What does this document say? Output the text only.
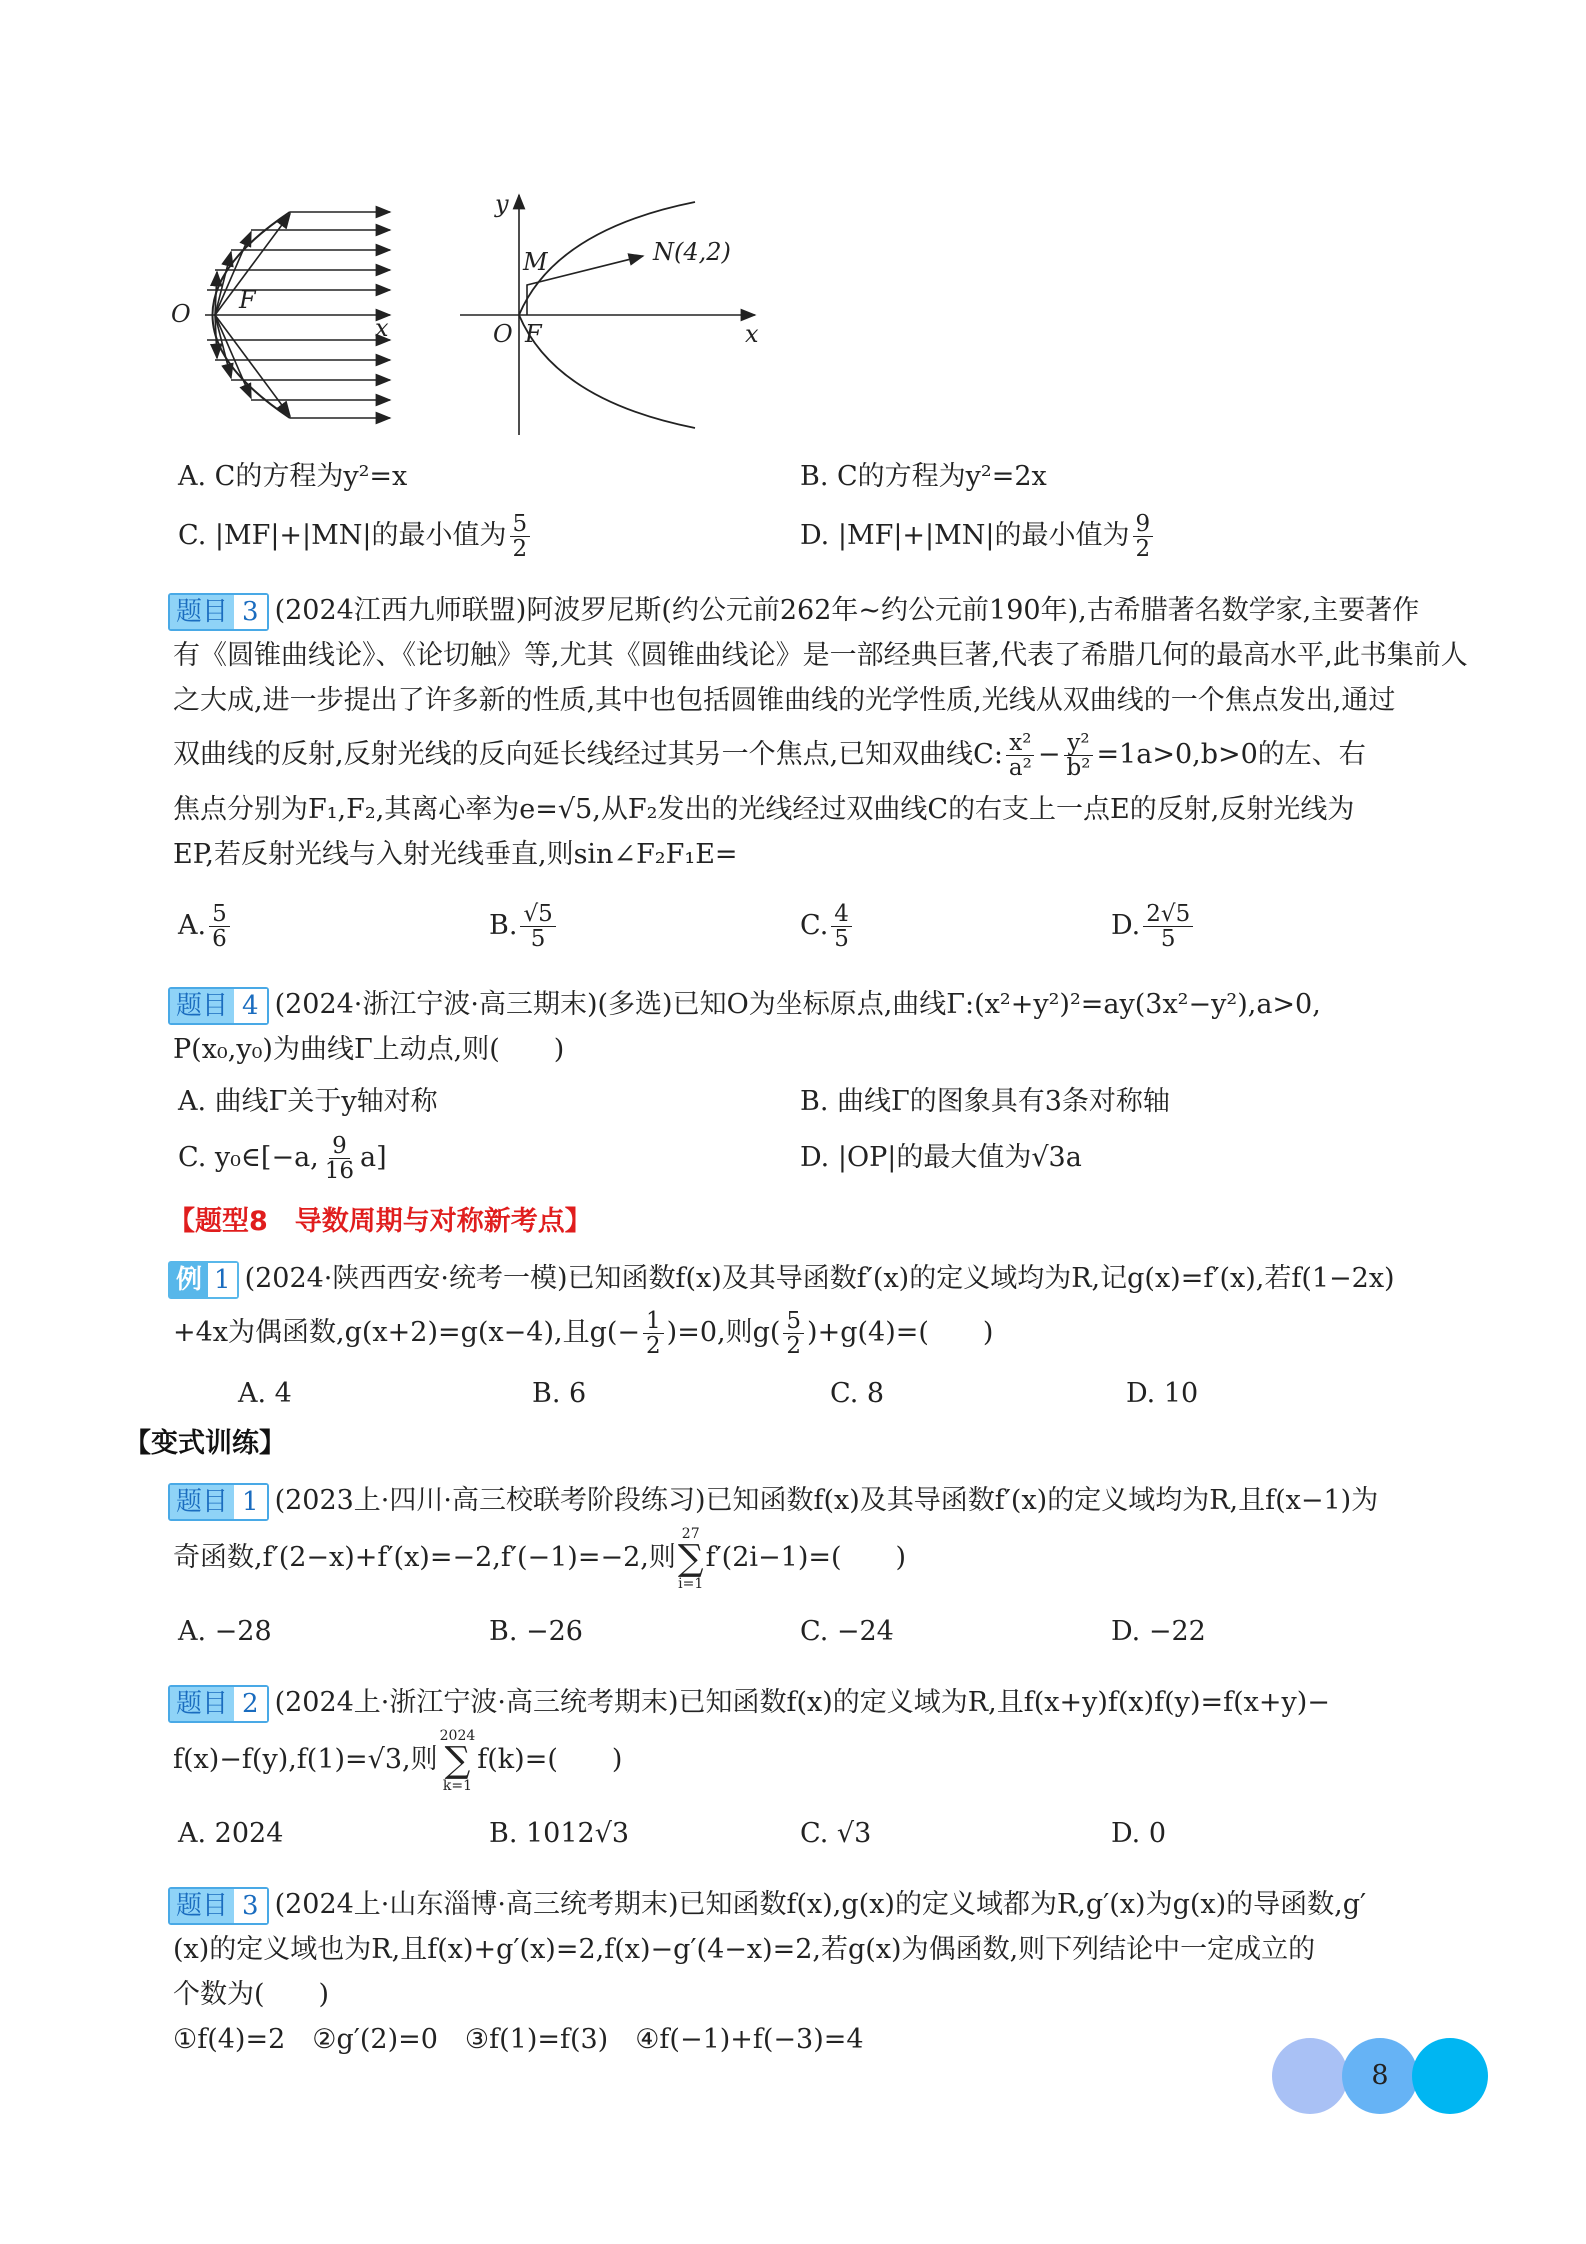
O F
x
y
x
O F
M	N(4,2)
A. C的方程为y²=x	B. C的方程为y²=2x
C. |MF|+|MN|的最小值为 $\frac{5}{2}$	D. |MF|+|MN|的最小值为 $\frac{9}{2}$

题目 3 (2024江西九师联盟)阿波罗尼斯(约公元前262年~约公元前190年),古希腊著名数学家,主要著作

有《圆锥曲线论》、《论切触》等,尤其《圆锥曲线论》是一部经典巨著,代表了希腊几何的最高水平,此书集前人

之大成,进一步提出了许多新的性质,其中也包括圆锥曲线的光学性质,光线从双曲线的一个焦点发出,通过

双曲线的反射,反射光线的反向延长线经过其另一个焦点,已知双曲线C: $\frac{\text{x²}}{\text{a²}} - \frac{\text{y²}}{\text{b²}} =1a>0,b>0$的左、右

焦点分别为F₁,F₂,其离心率为e=√5,从F₂发出的光线经过双曲线C的右支上一点E的反射,反射光线为

EP,若反射光线与入射光线垂直,则sin∠F₂F₁E=

A. $\frac{5}{6}$	B. $\frac{√5}{5}$	C. $\frac{4}{5}$	D. $\frac{2√5}{5}$

题目 4 (2024·浙江宁波·高三期末)(多选)已知O为坐标原点,曲线Γ:(x²+y²)²=ay(3x²−y²),a>0,

P(x₀,y₀)为曲线Γ上动点,则(　　)

A. 曲线Γ关于y轴对称	B. 曲线Γ的图象具有3条对称轴
C. y₀∈[−a, $\frac{9}{16} a$]	D. |OP|的最大值为√3a
【题型8　导数周期与对称新考点】

例 1 (2024·陕西西安·统考一模)已知函数f(x)及其导函数f′(x)的定义域均为R,记g(x)=f′(x),若f(1−2x)

+4x为偶函数,g(x+2)=g(x−4),且$g(- \frac{1}{2} )=0$,则$g( \frac{5}{2} )+g(4)=$(　　)

A. 4	B. 6	C. 8	D. 10
【变式训练】

题目 1 (2023上·四川·高三校联考阶段练习)已知函数f(x)及其导函数f′(x)的定义域均为R,且f(x−1)为

奇函数,f′(2−x)+f′(x)=−2,f′(−1)=−2,则
27
∑
i=1
f′(2i−1)=(　　)

A. −28	B. −26	C. −24	D. −22

题目 2 (2024上·浙江宁波·高三统考期末)已知函数f(x)的定义域为R,且f(x+y)f(x)f(y)=f(x+y)−

f(x)−f(y),f(1)=√3,则
2024
∑
k=1
f(k)=(　　)

A. 2024	B. 1012√3	C. √3	D. 0

题目 3 (2024上·山东淄博·高三统考期末)已知函数f(x),g(x)的定义域都为R,g′(x)为g(x)的导函数,g′

(x)的定义域也为R,且f(x)+g′(x)=2,f(x)−g′(4−x)=2,若g(x)为偶函数,则下列结论中一定成立的

个数为(　　)

①f(4)=2　②g′(2)=0　③f(1)=f(3)　④f(−1)+f(−3)=4

8
